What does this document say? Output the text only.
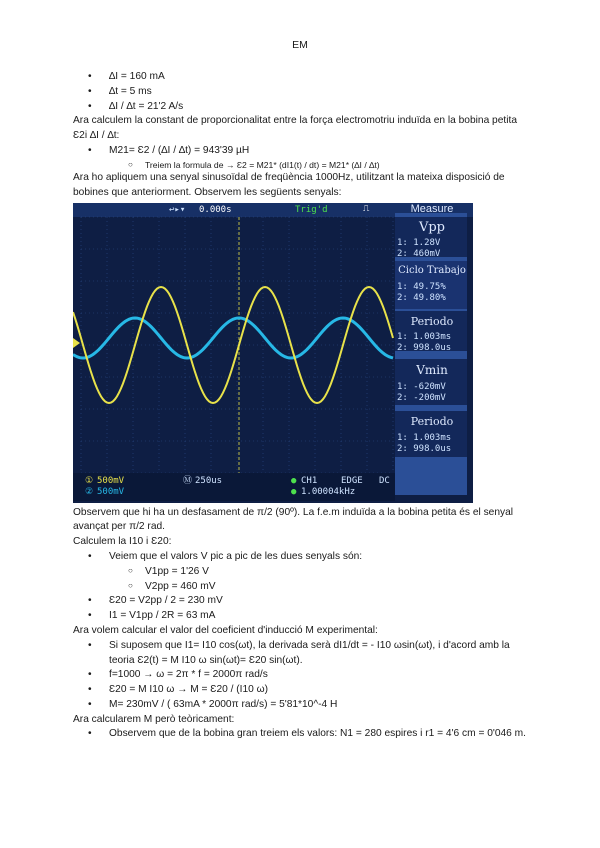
EM
• ∆I = 160 mA
• ∆t = 5 ms
• ∆I / ∆t = 21'2 A/s

Ara calculem la constant de proporcionalitat entre la força electromotriu induïda en la bobina petita Ɛ2i ∆I / ∆t:

• M21= Ɛ2 / (∆I / ∆t) = 943'39 µH
○ Treiem la formula de → Ɛ2 = M21* (dI1(t) / dt) = M21* (∆I / ∆t)

Ara ho apliquem una senyal sinusoïdal de freqüència 1000Hz, utilitzant la mateixa disposició de bobines que anteriorment. Observem les següents senyals:

↩▸▾ 0.000s	Trig'd	⎍	Measure
Vpp
1: 1.28V
2: 460mV
Ciclo Trabajo
1: 49.75%
2: 49.80%
Periodo
1: 1.003ms
2: 998.0us
Vmin
1: -620mV
2: -200mV
Periodo
1: 1.003ms
2: 998.0us
① 500mV
② 500mV
Ⓜ 250us	● CH1	EDGE DC
● 1.00004kHz

Observem que hi ha un desfasament de π/2 (90º). La f.e.m induïda a la bobina petita és el senyal avançat per π/2 rad.

Calculem la I10 i Ɛ20:

• Veiem que el valors V pic a pic de les dues senyals són:
○ V1pp = 1'26 V
○ V2pp = 460 mV
• Ɛ20 = V2pp / 2 = 230 mV
• I1 = V1pp / 2R = 63 mA

Ara volem calcular el valor del coeficient d'inducció M experimental:

• Si suposem que I1= I10 cos(ωt), la derivada serà dI1/dt = - I10 ωsin(ωt), i d'acord amb la teoria Ɛ2(t) = M I10 ω sin(ωt)= Ɛ20 sin(ωt).
• f=1000 → ω = 2π * f = 2000π rad/s
• Ɛ20 = M I10 ω → M = Ɛ20 / (I10 ω)
• M= 230mV / ( 63mA * 2000π rad/s) = 5'81*10^-4 H

Ara calcularem M però teòricament:

• Observem que de la bobina gran treiem els valors: N1 = 280 espires i r1 = 4'6 cm = 0'046 m.
